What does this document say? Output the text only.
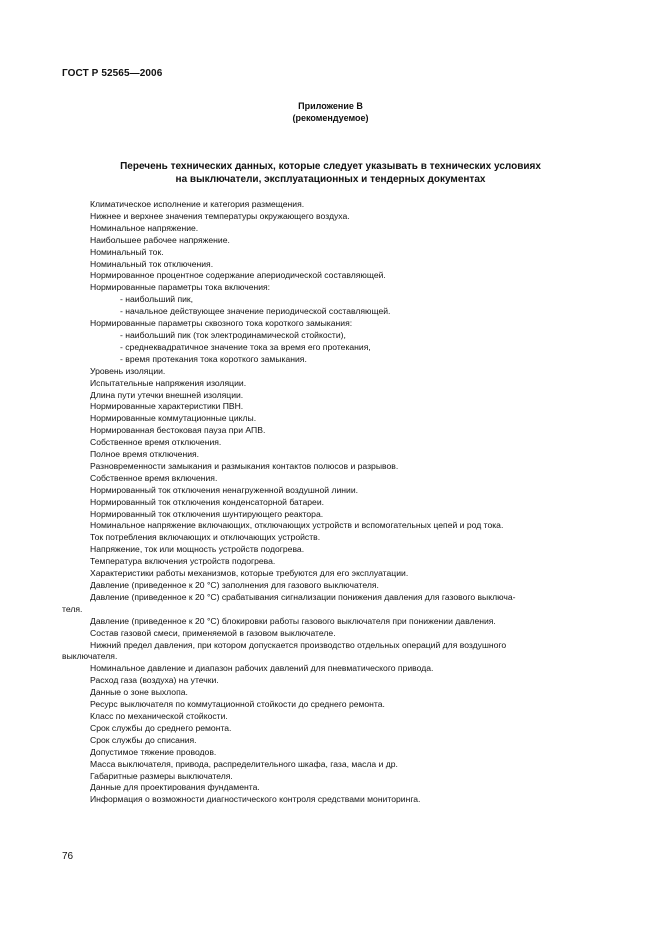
ГОСТ Р 52565—2006
Приложение В
(рекомендуемое)
Перечень технических данных, которые следует указывать в технических условиях
на выключатели, эксплуатационных и тендерных документах
Климатическое исполнение и категория размещения.
Нижнее и верхнее значения температуры окружающего воздуха.
Номинальное напряжение.
Наибольшее рабочее напряжение.
Номинальный ток.
Номинальный ток отключения.
Нормированное процентное содержание апериодической составляющей.
Нормированные параметры тока включения:
- наибольший пик,
- начальное действующее значение периодической составляющей.
Нормированные параметры сквозного тока короткого замыкания:
- наибольший пик (ток электродинамической стойкости),
- среднеквадратичное значение тока за время его протекания,
- время протекания тока короткого замыкания.
Уровень изоляции.
Испытательные напряжения изоляции.
Длина пути утечки внешней изоляции.
Нормированные характеристики ПВН.
Нормированные коммутационные циклы.
Нормированная бестоковая пауза при АПВ.
Собственное время отключения.
Полное время отключения.
Разновременности замыкания и размыкания контактов полюсов и разрывов.
Собственное время включения.
Нормированный ток отключения ненагруженной воздушной линии.
Нормированный ток отключения конденсаторной батареи.
Нормированный ток отключения шунтирующего реактора.
Номинальное напряжение включающих, отключающих устройств и вспомогательных цепей и род тока.
Ток потребления включающих и отключающих устройств.
Напряжение, ток или мощность устройств подогрева.
Температура включения устройств подогрева.
Характеристики работы механизмов, которые требуются для его эксплуатации.
Давление (приведенное к 20 °С) заполнения для газового выключателя.
Давление (приведенное к 20 °С) срабатывания сигнализации понижения давления для газового выключа-
теля.
Давление (приведенное к 20 °С) блокировки работы газового выключателя при понижении давления.
Состав газовой смеси, применяемой в газовом выключателе.
Нижний предел давления, при котором допускается производство отдельных операций для воздушного
выключателя.
Номинальное давление и диапазон рабочих давлений для пневматического привода.
Расход газа (воздуха) на утечки.
Данные о зоне выхлопа.
Ресурс выключателя по коммутационной стойкости до среднего ремонта.
Класс по механической стойкости.
Срок службы до среднего ремонта.
Срок службы до списания.
Допустимое тяжение проводов.
Масса выключателя, привода, распределительного шкафа, газа, масла и др.
Габаритные размеры выключателя.
Данные для проектирования фундамента.
Информация о возможности диагностического контроля средствами мониторинга.
76
